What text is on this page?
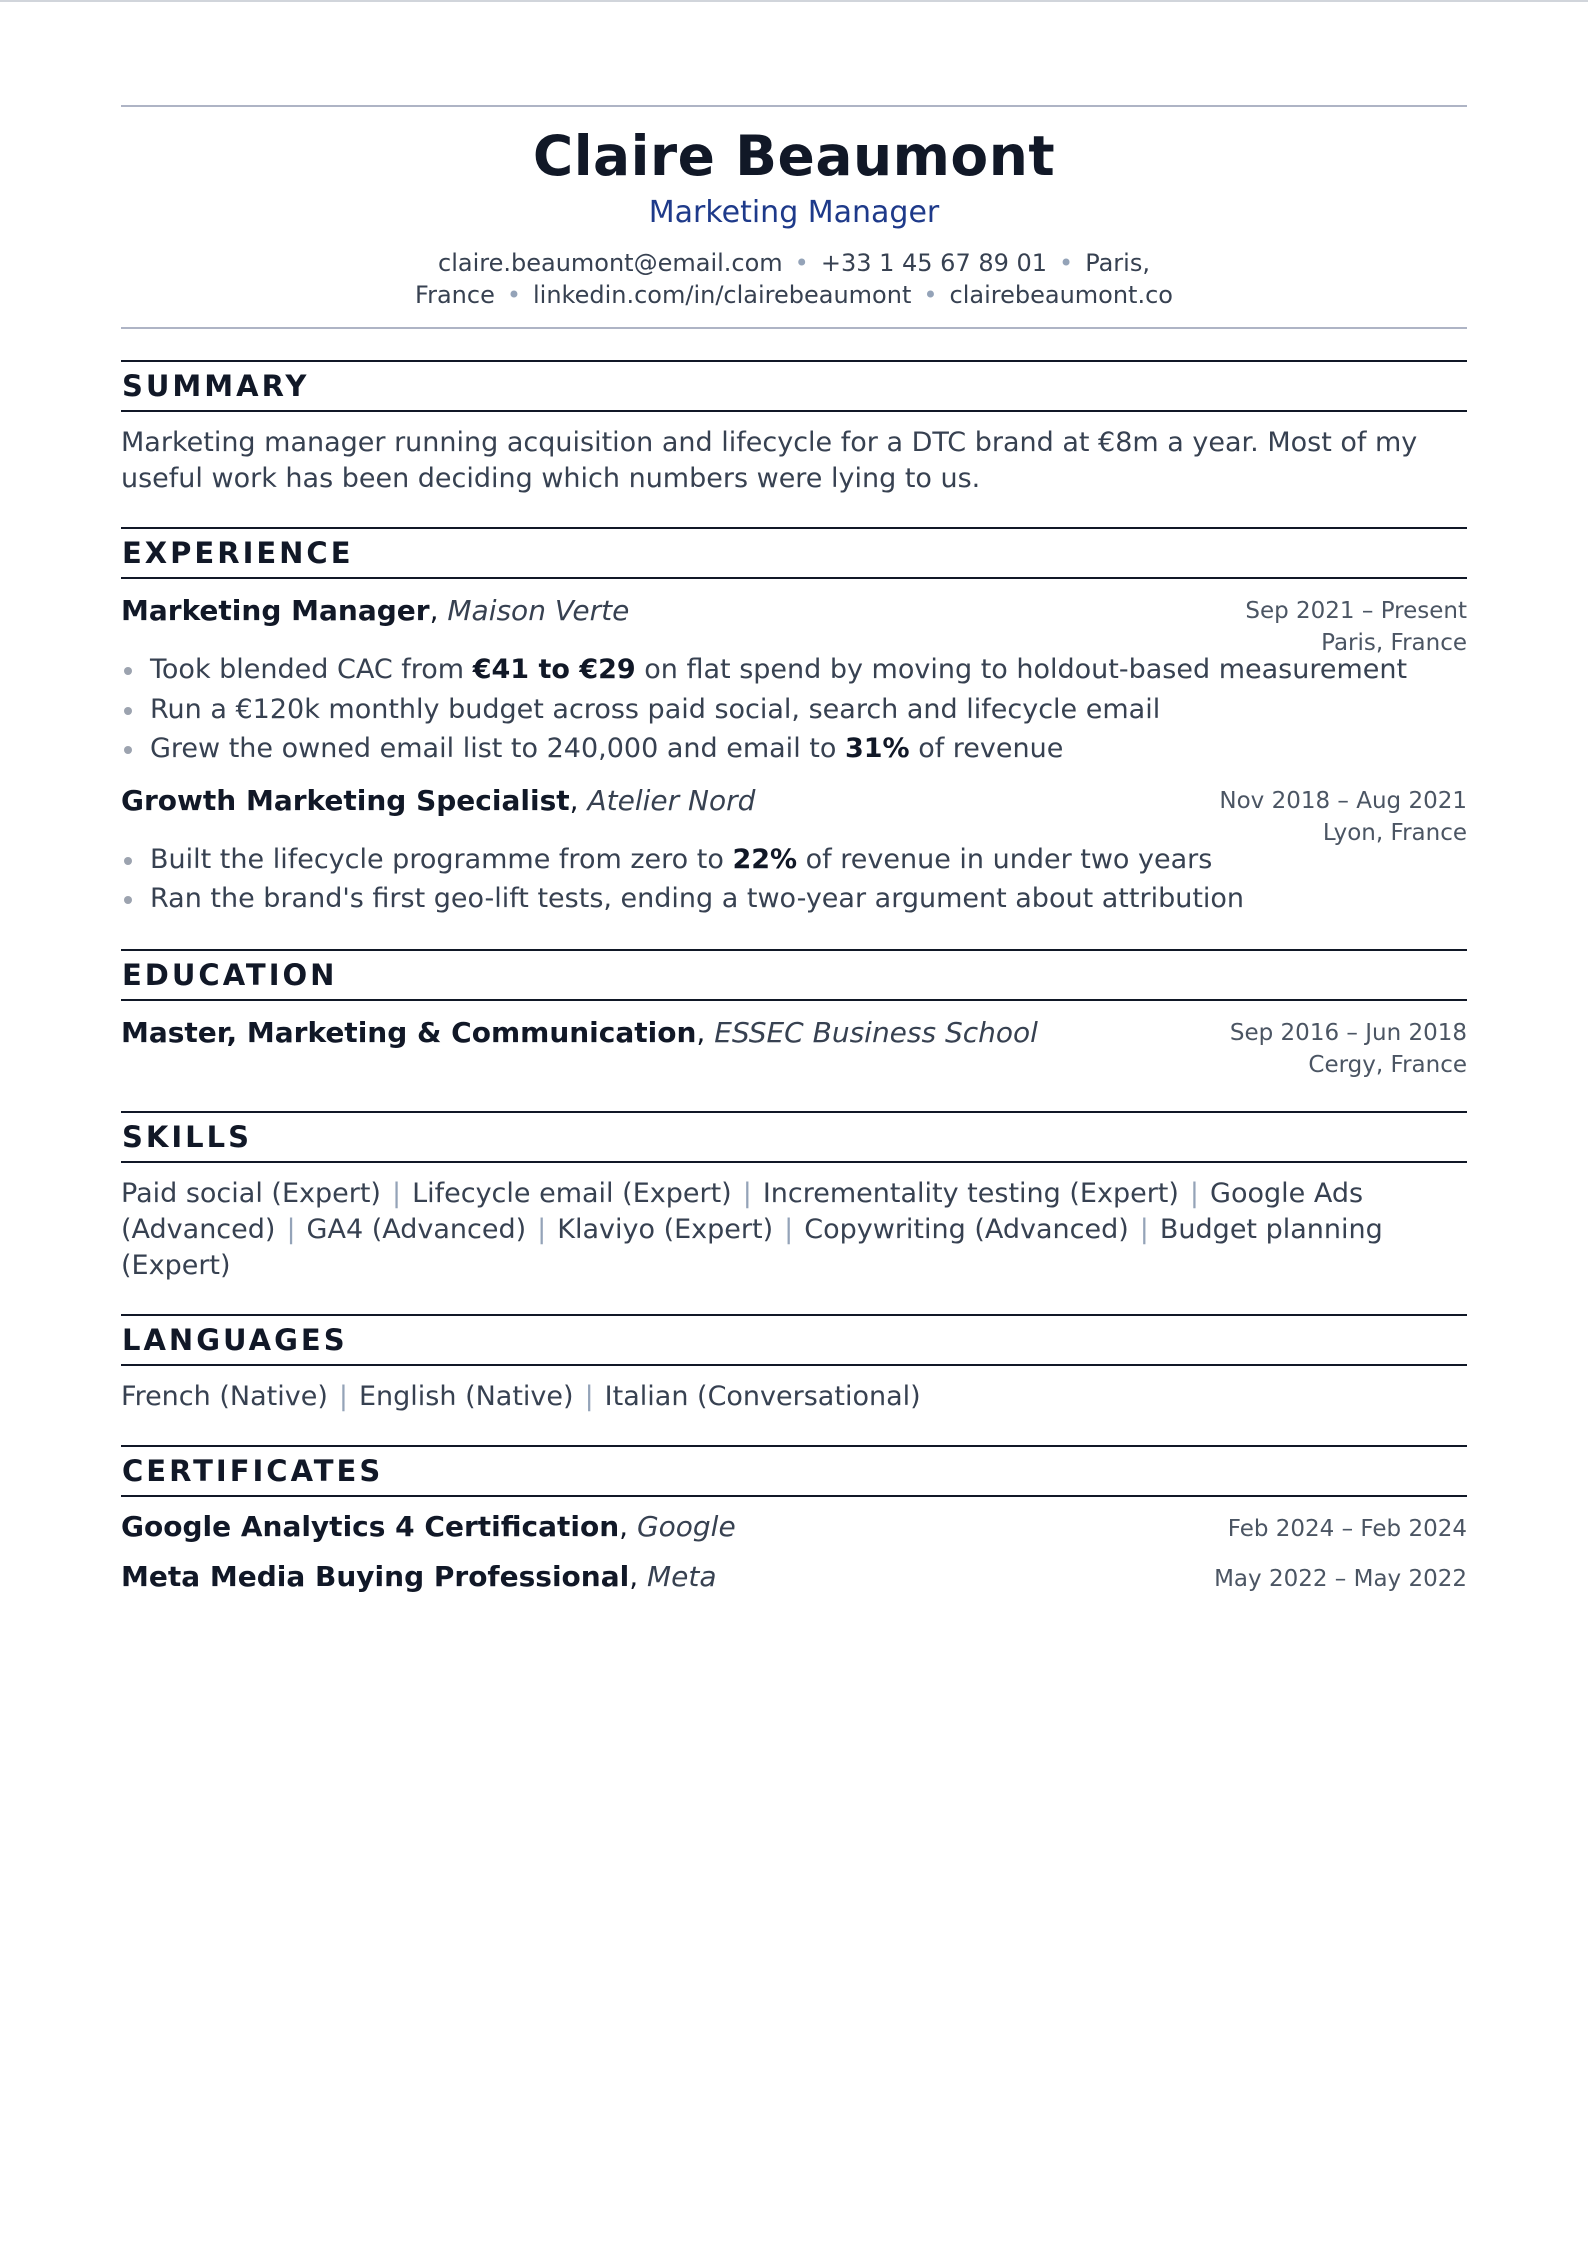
Claire Beaumont
Marketing Manager
claire.beaumont@email.com • +33 1 45 67 89 01 • Paris, France • linkedin.com/in/clairebeaumont • clairebeaumont.co
SUMMARY
Marketing manager running acquisition and lifecycle for a DTC brand at €8m a year. Most of my useful work has been deciding which numbers were lying to us.
EXPERIENCE
Marketing Manager, Maison Verte	Sep 2021 – Present
Paris, France
Took blended CAC from €41 to €29 on flat spend by moving to holdout-based measurement
Run a €120k monthly budget across paid social, search and lifecycle email
Grew the owned email list to 240,000 and email to 31% of revenue
Growth Marketing Specialist, Atelier Nord	Nov 2018 – Aug 2021
Lyon, France
Built the lifecycle programme from zero to 22% of revenue in under two years
Ran the brand's first geo-lift tests, ending a two-year argument about attribution
EDUCATION
Master, Marketing & Communication, ESSEC Business School	Sep 2016 – Jun 2018
Cergy, France
SKILLS
Paid social (Expert) | Lifecycle email (Expert) | Incrementality testing (Expert) | Google Ads (Advanced) | GA4 (Advanced) | Klaviyo (Expert) | Copywriting (Advanced) | Budget planning (Expert)
LANGUAGES
French (Native) | English (Native) | Italian (Conversational)
CERTIFICATES
Google Analytics 4 Certification, Google	Feb 2024 – Feb 2024
Meta Media Buying Professional, Meta	May 2022 – May 2022
